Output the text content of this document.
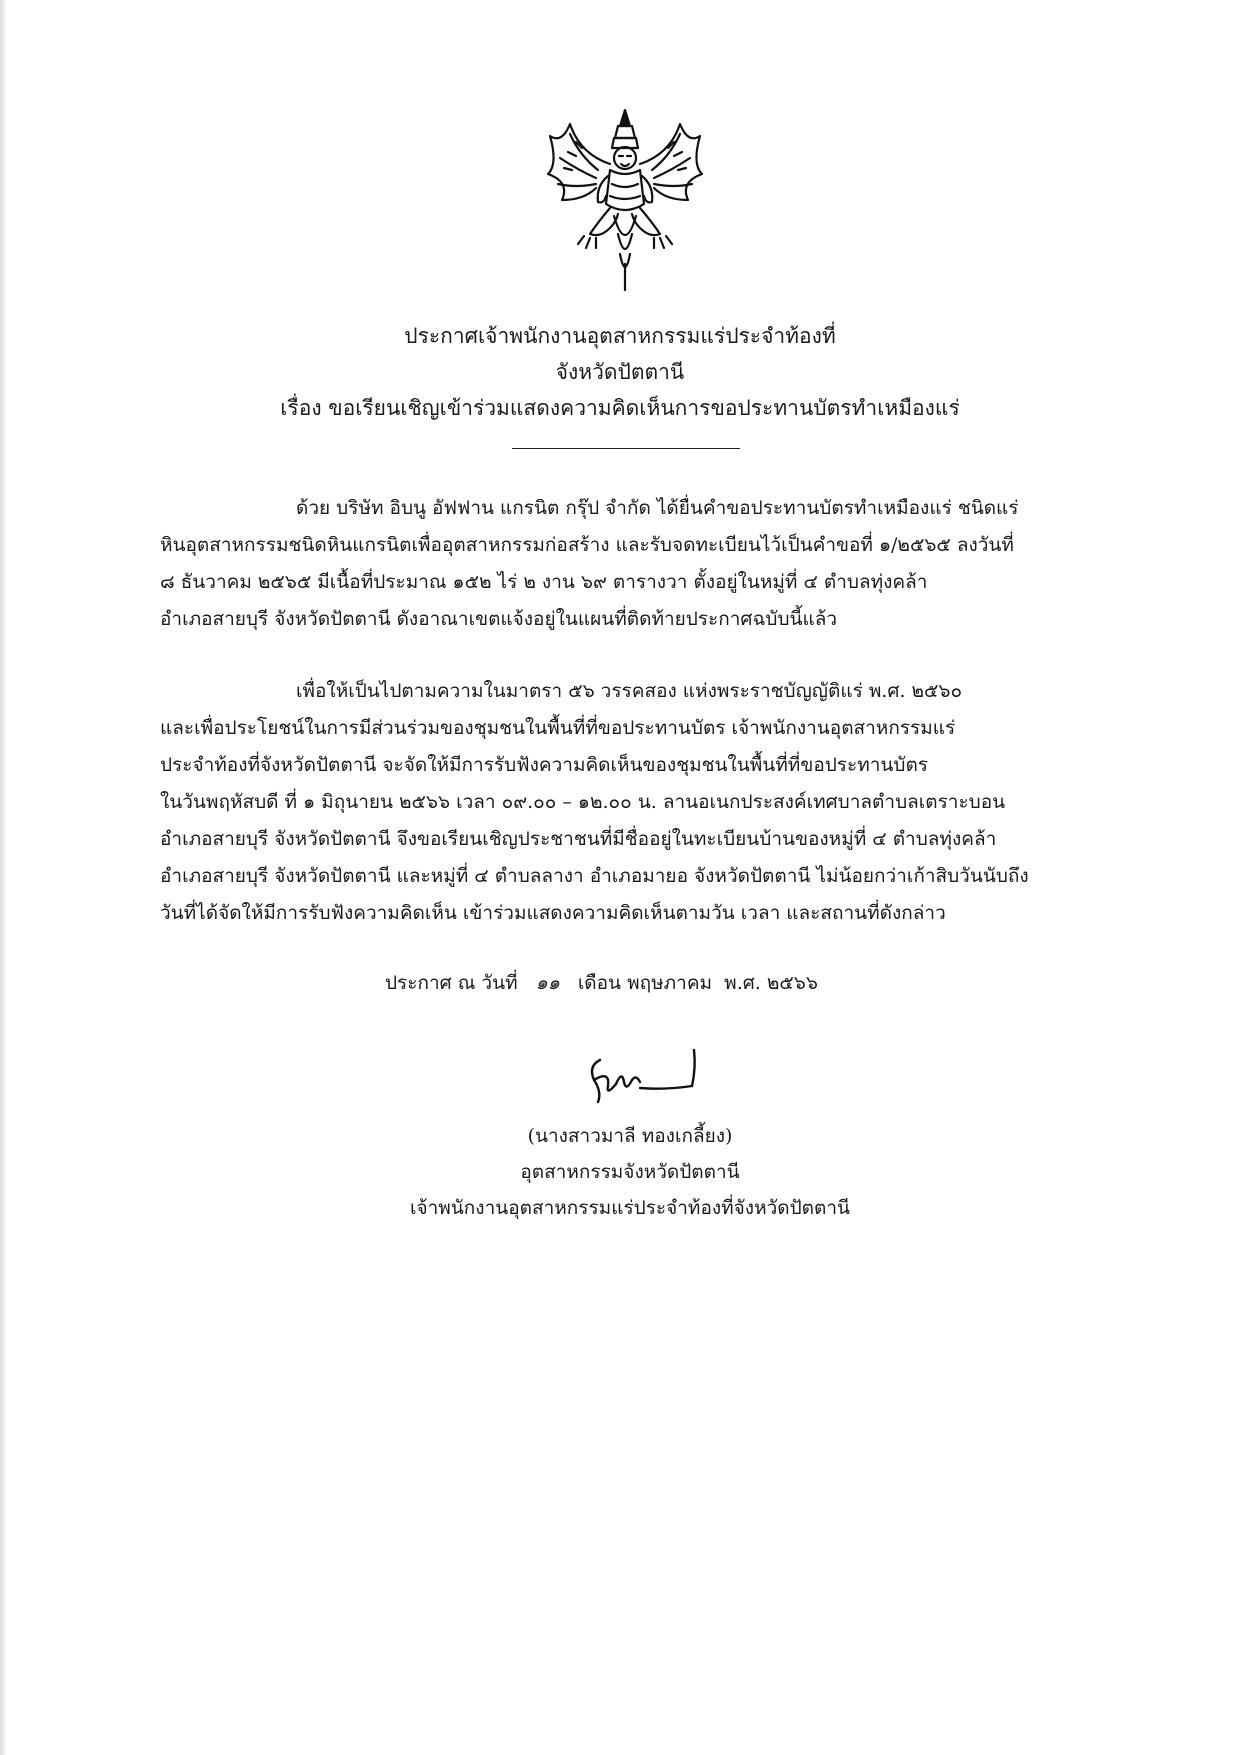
ประกาศเจ้าพนักงานอุตสาหกรรมแร่ประจำท้องที่
จังหวัดปัตตานี
เรื่อง ขอเรียนเชิญเข้าร่วมแสดงความคิดเห็นการขอประทานบัตรทำเหมืองแร่
ด้วย บริษัท อิบนู อัฟฟาน แกรนิต กรุ๊ป จำกัด ได้ยื่นคำขอประทานบัตรทำเหมืองแร่ ชนิดแร่
หินอุตสาหกรรมชนิดหินแกรนิตเพื่ออุตสาหกรรมก่อสร้าง และรับจดทะเบียนไว้เป็นคำขอที่ ๑/๒๕๖๕ ลงวันที่
๘ ธันวาคม ๒๕๖๕ มีเนื้อที่ประมาณ ๑๕๒ ไร่ ๒ งาน ๖๙ ตารางวา ตั้งอยู่ในหมู่ที่ ๔ ตำบลทุ่งคล้า
อำเภอสายบุรี จังหวัดปัตตานี ดังอาณาเขตแจ้งอยู่ในแผนที่ติดท้ายประกาศฉบับนี้แล้ว
เพื่อให้เป็นไปตามความในมาตรา ๕๖ วรรคสอง แห่งพระราชบัญญัติแร่ พ.ศ. ๒๕๖๐
และเพื่อประโยชน์ในการมีส่วนร่วมของชุมชนในพื้นที่ที่ขอประทานบัตร เจ้าพนักงานอุตสาหกรรมแร่
ประจำท้องที่จังหวัดปัตตานี จะจัดให้มีการรับฟังความคิดเห็นของชุมชนในพื้นที่ที่ขอประทานบัตร
ในวันพฤหัสบดี ที่ ๑ มิถุนายน ๒๕๖๖ เวลา ๐๙.๐๐ – ๑๒.๐๐ น. ลานอเนกประสงค์เทศบาลตำบลเตราะบอน
อำเภอสายบุรี จังหวัดปัตตานี จึงขอเรียนเชิญประชาชนที่มีชื่ออยู่ในทะเบียนบ้านของหมู่ที่ ๔ ตำบลทุ่งคล้า
อำเภอสายบุรี จังหวัดปัตตานี และหมู่ที่ ๔ ตำบลลางา อำเภอมายอ จังหวัดปัตตานี ไม่น้อยกว่าเก้าสิบวันนับถึง
วันที่ได้จัดให้มีการรับฟังความคิดเห็น เข้าร่วมแสดงความคิดเห็นตามวัน เวลา และสถานที่ดังกล่าว
ประกาศ ณ วันที่ ๑๑ เดือน พฤษภาคม พ.ศ. ๒๕๖๖
(นางสาวมาลี ทองเกลี้ยง)
อุตสาหกรรมจังหวัดปัตตานี
เจ้าพนักงานอุตสาหกรรมแร่ประจำท้องที่จังหวัดปัตตานี
